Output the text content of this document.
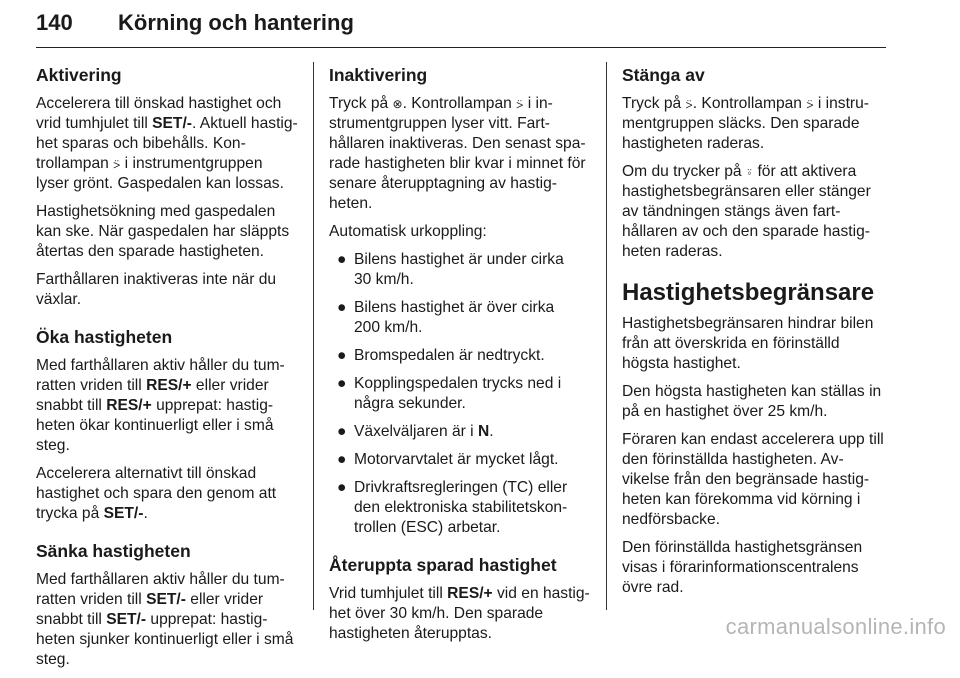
140 Körning och hantering
Aktivering

Accelerera till önskad hastighet och
vrid tumhjulet till SET/-. Aktuell hastig-
het sparas och bibehålls. Kon-
trollampan ⍩ i instrumentgruppen
lyser grönt. Gaspedalen kan lossas.

Hastighetsökning med gaspedalen
kan ske. När gaspedalen har släppts
återtas den sparade hastigheten.

Farthållaren inaktiveras inte när du
växlar.

Öka hastigheten

Med farthållaren aktiv håller du tum-
ratten vriden till RES/+ eller vrider
snabbt till RES/+ upprepat: hastig-
heten ökar kontinuerligt eller i små
steg.

Accelerera alternativt till önskad
hastighet och spara den genom att
trycka på SET/-.

Sänka hastigheten

Med farthållaren aktiv håller du tum-
ratten vriden till SET/- eller vrider
snabbt till SET/- upprepat: hastig-
heten sjunker kontinuerligt eller i små
steg.

Inaktivering

Tryck på ⊗. Kontrollampan ⍩ i in-
strumentgruppen lyser vitt. Fart-
hållaren inaktiveras. Den senast spa-
rade hastigheten blir kvar i minnet för
senare återupptagning av hastig-
heten.

Automatisk urkoppling:

● Bilens hastighet är under cirka
30 km/h.
● Bilens hastighet är över cirka
200 km/h.
● Bromspedalen är nedtryckt.
● Kopplingspedalen trycks ned i
några sekunder.
● Växelväljaren är i N.
● Motorvarvtalet är mycket lågt.
● Drivkraftsregleringen (TC) eller
den elektroniska stabilitetskon-
trollen (ESC) arbetar.
Återuppta sparad hastighet

Vrid tumhjulet till RES/+ vid en hastig-
het över 30 km/h. Den sparade
hastigheten återupptas.

Stänga av

Tryck på ⍩. Kontrollampan ⍩ i instru-
mentgruppen släcks. Den sparade
hastigheten raderas.

Om du trycker på ⍤ för att aktivera
hastighetsbegränsaren eller stänger
av tändningen stängs även fart-
hållaren av och den sparade hastig-
heten raderas.

Hastighetsbegränsare

Hastighetsbegränsaren hindrar bilen
från att överskrida en förinställd
högsta hastighet.

Den högsta hastigheten kan ställas in
på en hastighet över 25 km/h.

Föraren kan endast accelerera upp till
den förinställda hastigheten. Av-
vikelse från den begränsade hastig-
heten kan förekomma vid körning i
nedförsbacke.

Den förinställda hastighetsgränsen
visas i förarinformationscentralens
övre rad.

carmanualsonline.info
